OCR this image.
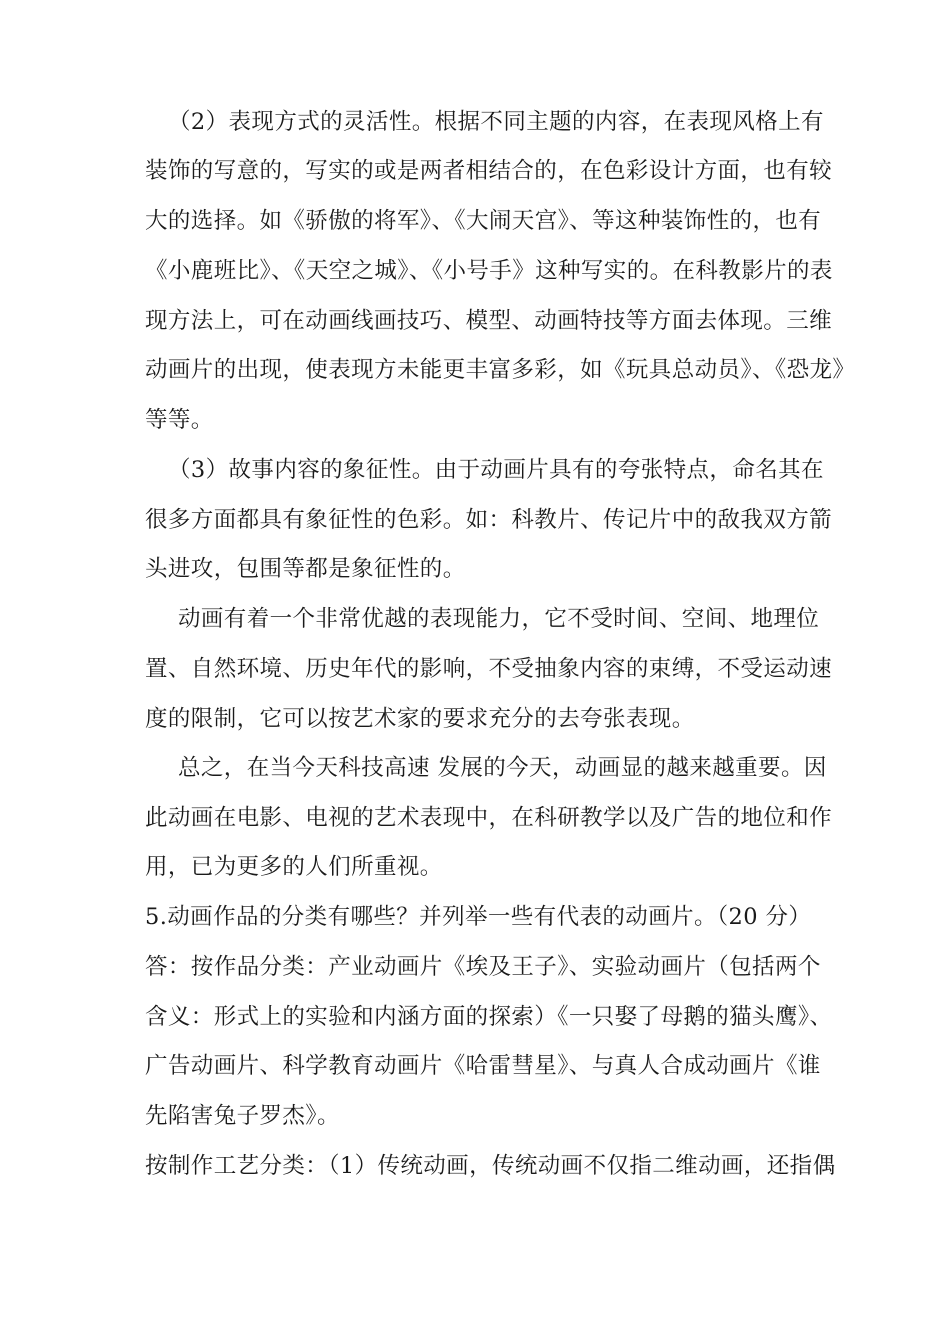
（2）表现方式的灵活性。根据不同主题的内容，在表现风格上有
装饰的写意的，写实的或是两者相结合的，在色彩设计方面，也有较
大的选择。如《骄傲的将军》、《大闹天宫》、等这种装饰性的，也有
《小鹿班比》、《天空之城》、《小号手》这种写实的。在科教影片的表
现方法上，可在动画线画技巧、模型、动画特技等方面去体现。三维
动画片的出现，使表现方未能更丰富多彩，如《玩具总动员》、《恐龙》
等等。
（3）故事内容的象征性。由于动画片具有的夸张特点，命名其在
很多方面都具有象征性的色彩。如：科教片、传记片中的敌我双方箭
头进攻，包围等都是象征性的。
动画有着一个非常优越的表现能力，它不受时间、空间、地理位
置、自然环境、历史年代的影响，不受抽象内容的束缚，不受运动速
度的限制，它可以按艺术家的要求充分的去夸张表现。
总之，在当今天科技高速 发展的今天，动画显的越来越重要。因
此动画在电影、电视的艺术表现中，在科研教学以及广告的地位和作
用，已为更多的人们所重视。
5.动画作品的分类有哪些？并列举一些有代表的动画片。（20 分）
答：按作品分类：产业动画片《埃及王子》、实验动画片（包括两个
含义：形式上的实验和内涵方面的探索）《一只娶了母鹅的猫头鹰》、
广告动画片、科学教育动画片《哈雷彗星》、与真人合成动画片《谁
先陷害兔子罗杰》。
按制作工艺分类：（1）传统动画，传统动画不仅指二维动画，还指偶
